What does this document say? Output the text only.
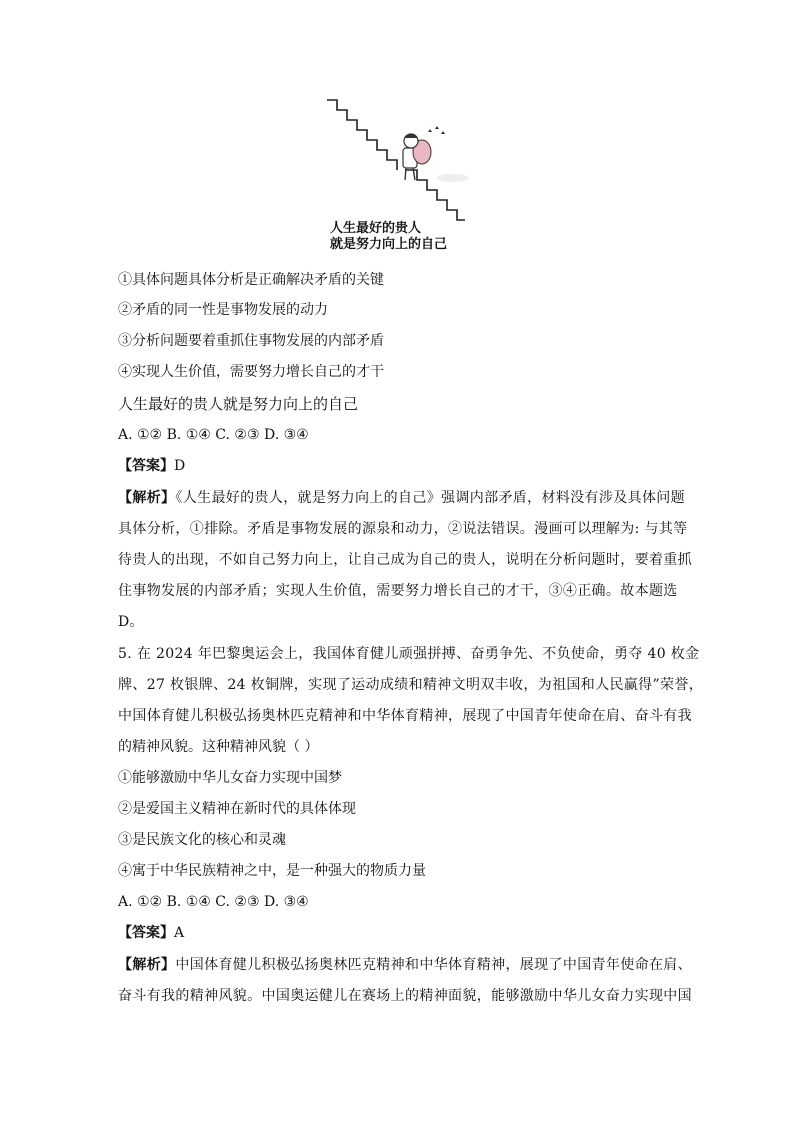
人生最好的贵人
就是努力向上的自己
①具体问题具体分析是正确解决矛盾的关键
②矛盾的同一性是事物发展的动力
③分析问题要着重抓住事物发展的内部矛盾
④实现人生价值，需要努力增长自己的才干
人生最好的贵人就是努力向上的自己
A. ①② B. ①④ C. ②③ D. ③④
【答案】D
【解析】《人生最好的贵人，就是努力向上的自己》强调内部矛盾，材料没有涉及具体问题
具体分析，①排除。矛盾是事物发展的源泉和动力，②说法错误。漫画可以理解为: 与其等
待贵人的出现，不如自己努力向上，让自己成为自己的贵人，说明在分析问题时，要着重抓
住事物发展的内部矛盾；实现人生价值，需要努力增长自己的才干，③④正确。故本题选
D。
5. 在 2024 年巴黎奥运会上，我国体育健儿顽强拼搏、奋勇争先、不负使命，勇夺 40 枚金
牌、27 枚银牌、24 枚铜牌，实现了运动成绩和精神文明双丰收，为祖国和人民赢得”荣誉，
中国体育健儿积极弘扬奥林匹克精神和中华体育精神，展现了中国青年使命在肩、奋斗有我
的精神风貌。这种精神风貌（ ）
①能够激励中华儿女奋力实现中国梦
②是爱国主义精神在新时代的具体体现
③是民族文化的核心和灵魂
④寓于中华民族精神之中，是一种强大的物质力量
A. ①② B. ①④ C. ②③ D. ③④
【答案】A
【解析】中国体育健儿积极弘扬奥林匹克精神和中华体育精神，展现了中国青年使命在肩、
奋斗有我的精神风貌。中国奥运健儿在赛场上的精神面貌，能够激励中华儿女奋力实现中国
